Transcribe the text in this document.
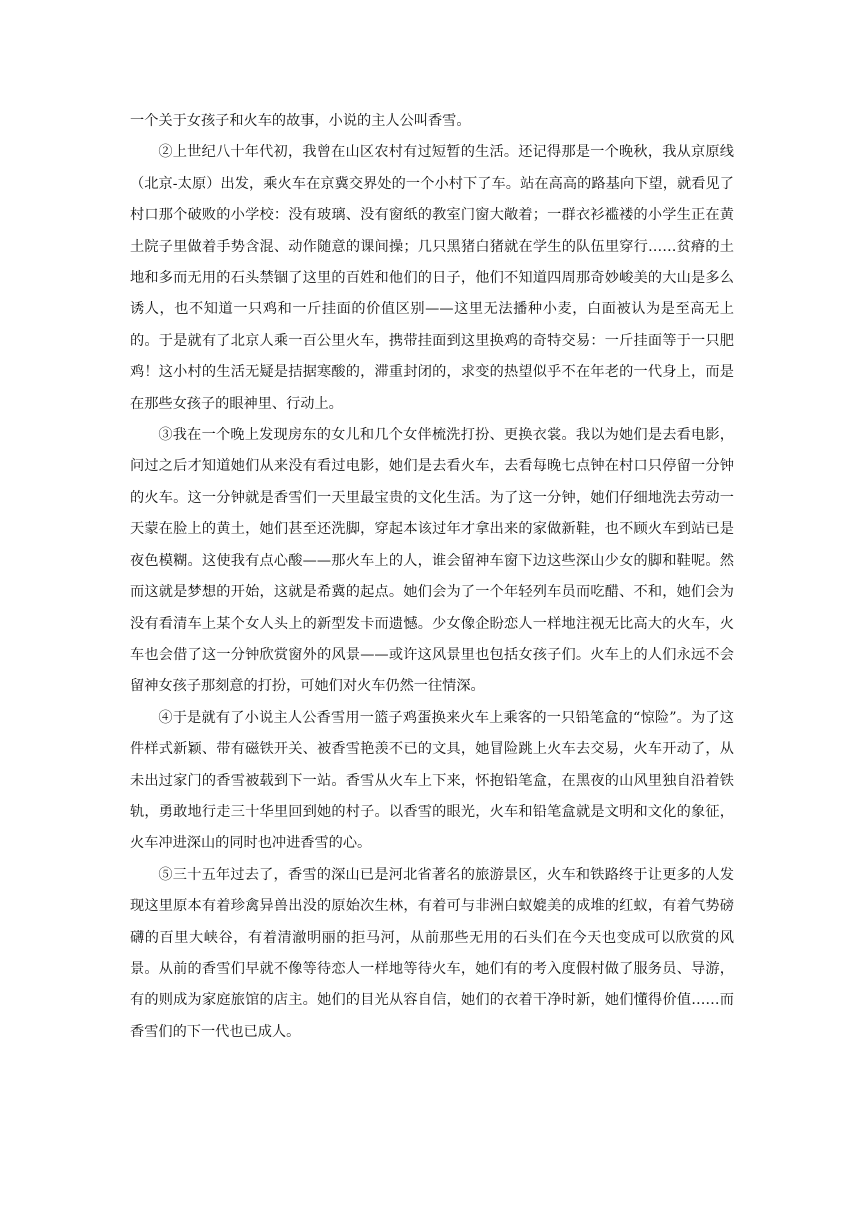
一个关于女孩子和火车的故事，小说的主人公叫香雪。

②上世纪八十年代初，我曾在山区农村有过短暂的生活。还记得那是一个晚秋，我从京原线（北京-太原）出发，乘火车在京冀交界处的一个小村下了车。站在高高的路基向下望，就看见了村口那个破败的小学校：没有玻璃、没有窗纸的教室门窗大敞着；一群衣衫褴褛的小学生正在黄土院子里做着手势含混、动作随意的课间操；几只黑猪白猪就在学生的队伍里穿行……贫瘠的土地和多而无用的石头禁锢了这里的百姓和他们的日子，他们不知道四周那奇妙峻美的大山是多么诱人，也不知道一只鸡和一斤挂面的价值区别——这里无法播种小麦，白面被认为是至高无上的。于是就有了北京人乘一百公里火车，携带挂面到这里换鸡的奇特交易：一斤挂面等于一只肥鸡！这小村的生活无疑是拮据寒酸的，滞重封闭的，求变的热望似乎不在年老的一代身上，而是在那些女孩子的眼神里、行动上。

③我在一个晚上发现房东的女儿和几个女伴梳洗打扮、更换衣裳。我以为她们是去看电影，问过之后才知道她们从来没有看过电影，她们是去看火车，去看每晚七点钟在村口只停留一分钟的火车。这一分钟就是香雪们一天里最宝贵的文化生活。为了这一分钟，她们仔细地洗去劳动一天蒙在脸上的黄土，她们甚至还洗脚，穿起本该过年才拿出来的家做新鞋，也不顾火车到站已是夜色模糊。这使我有点心酸——那火车上的人，谁会留神车窗下边这些深山少女的脚和鞋呢。然而这就是梦想的开始，这就是希冀的起点。她们会为了一个年轻列车员而吃醋、不和，她们会为没有看清车上某个女人头上的新型发卡而遗憾。少女像企盼恋人一样地注视无比高大的火车，火车也会借了这一分钟欣赏窗外的风景——或许这风景里也包括女孩子们。火车上的人们永远不会留神女孩子那刻意的打扮，可她们对火车仍然一往情深。

④于是就有了小说主人公香雪用一篮子鸡蛋换来火车上乘客的一只铅笔盒的“惊险”。为了这件样式新颖、带有磁铁开关、被香雪艳羡不已的文具，她冒险跳上火车去交易，火车开动了，从未出过家门的香雪被载到下一站。香雪从火车上下来，怀抱铅笔盒，在黑夜的山风里独自沿着铁轨，勇敢地行走三十华里回到她的村子。以香雪的眼光，火车和铅笔盒就是文明和文化的象征，火车冲进深山的同时也冲进香雪的心。

⑤三十五年过去了，香雪的深山已是河北省著名的旅游景区，火车和铁路终于让更多的人发现这里原本有着珍禽异兽出没的原始次生林，有着可与非洲白蚁媲美的成堆的红蚁，有着气势磅礴的百里大峡谷，有着清澈明丽的拒马河，从前那些无用的石头们在今天也变成可以欣赏的风景。从前的香雪们早就不像等待恋人一样地等待火车，她们有的考入度假村做了服务员、导游，有的则成为家庭旅馆的店主。她们的目光从容自信，她们的衣着干净时新，她们懂得价值……而香雪们的下一代也已成人。
